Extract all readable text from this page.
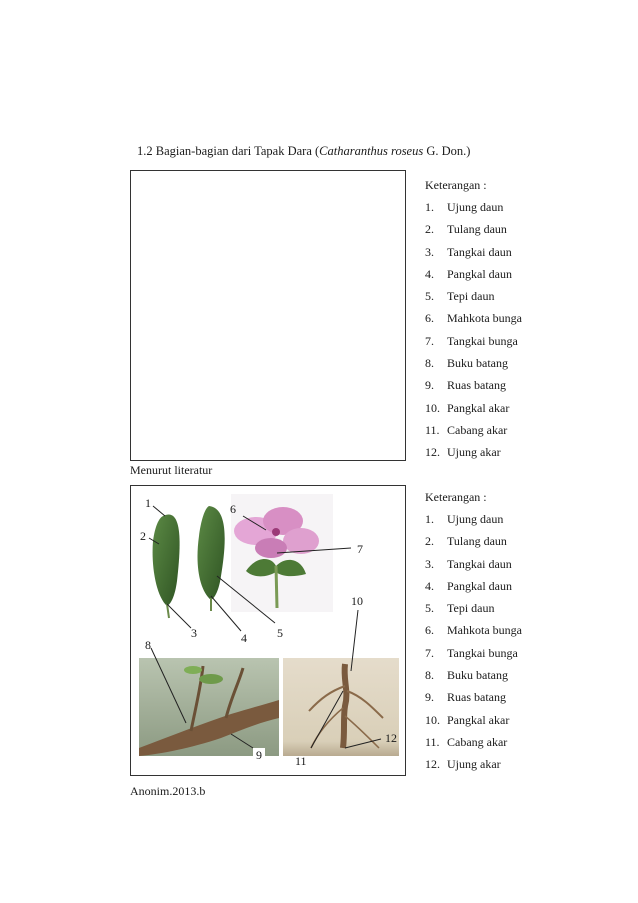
1.2 Bagian-bagian dari Tapak Dara (Catharanthus roseus G. Don.)
Menurut literatur
Keterangan :
1.	Ujung daun
2.	Tulang daun
3.	Tangkai daun
4.	Pangkal daun
5.	Tepi daun
6.	Mahkota bunga
7.	Tangkai bunga
8.	Buku batang
9.	Ruas batang
10. Pangkal akar
11. Cabang akar
12. Ujung akar
1
2
3	4	5
6
7
8
9
10
11
12
Anonim.2013.b
Keterangan :
1.	Ujung daun
2.	Tulang daun
3.	Tangkai daun
4.	Pangkal daun
5.	Tepi daun
6.	Mahkota bunga
7.	Tangkai bunga
8.	Buku batang
9.	Ruas batang
10. Pangkal akar
11. Cabang akar
12. Ujung akar
